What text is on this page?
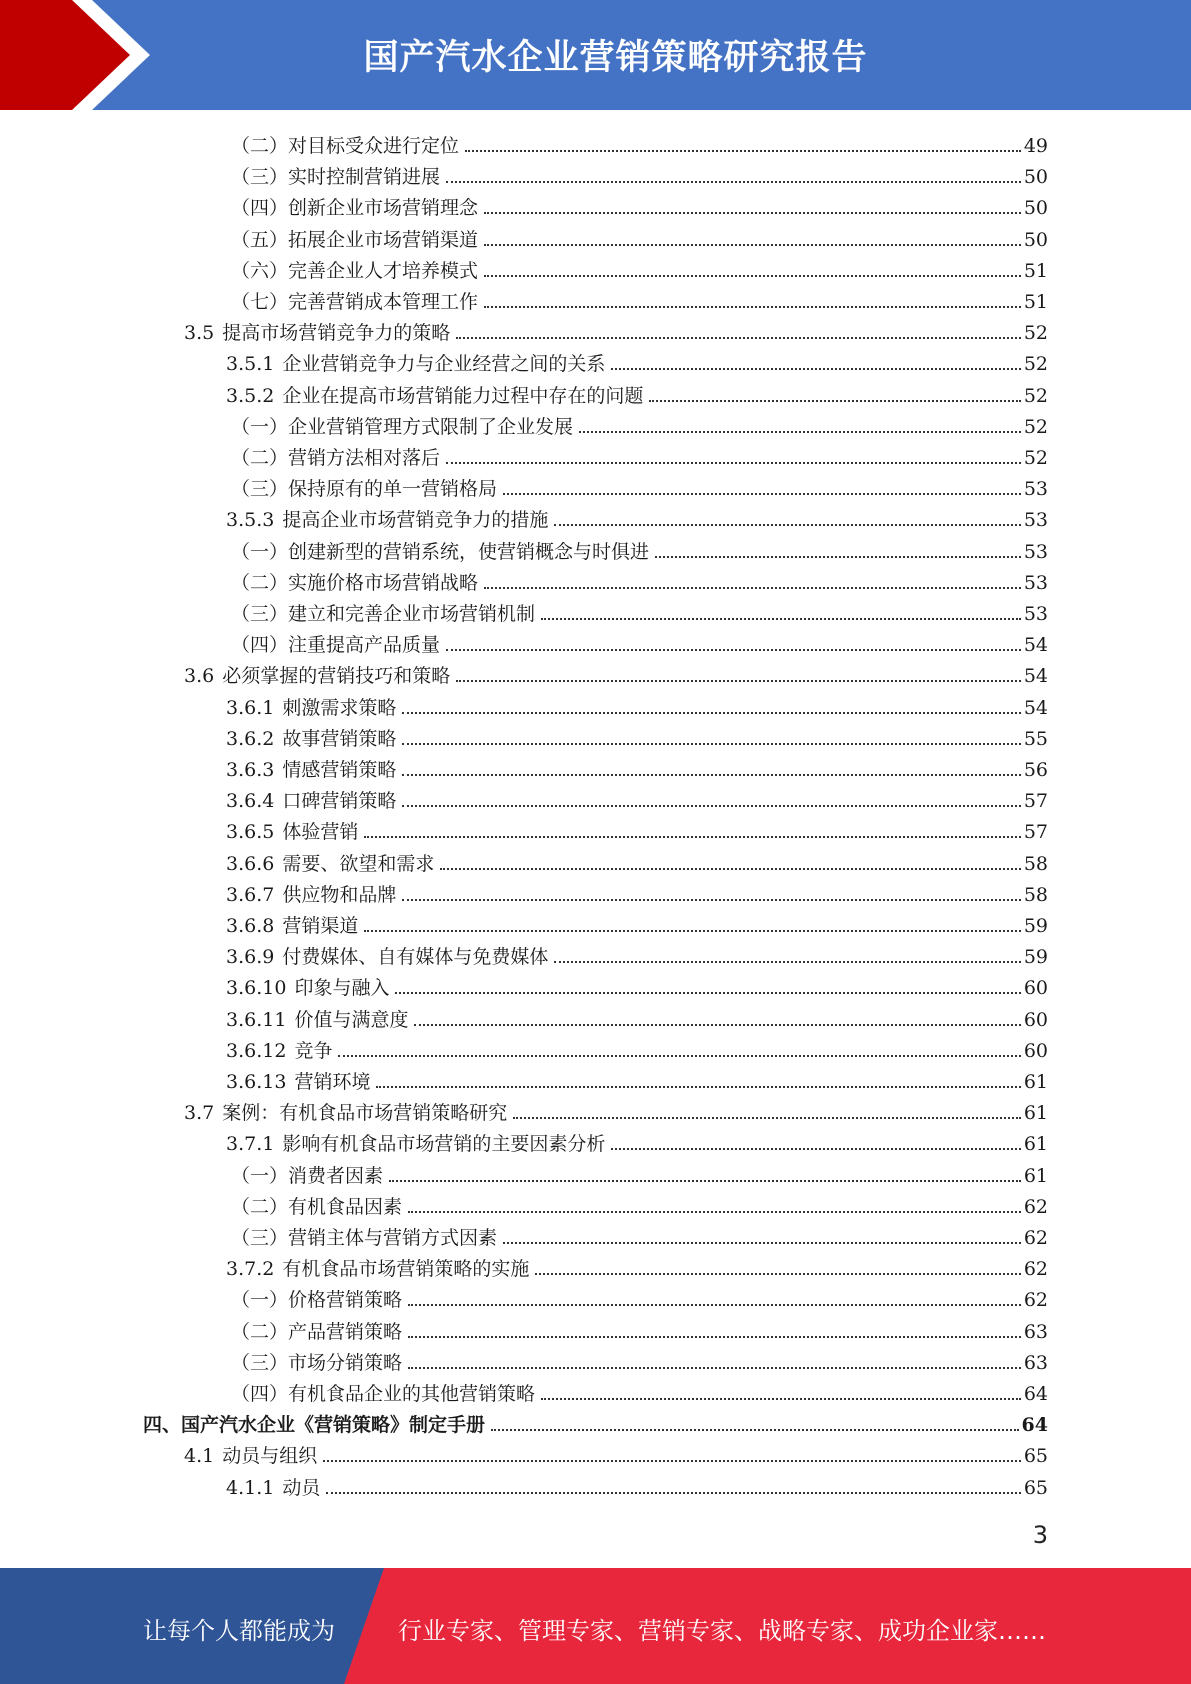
国产汽水企业营销策略研究报告
（二）对目标受众进行定位	49
（三）实时控制营销进展	50
（四）创新企业市场营销理念	50
（五）拓展企业市场营销渠道	50
（六）完善企业人才培养模式	51
（七）完善营销成本管理工作	51
3.5 提高市场营销竞争力的策略	52
3.5.1 企业营销竞争力与企业经营之间的关系	52
3.5.2 企业在提高市场营销能力过程中存在的问题	52
（一）企业营销管理方式限制了企业发展	52
（二）营销方法相对落后	52
（三）保持原有的单一营销格局	53
3.5.3 提高企业市场营销竞争力的措施	53
（一）创建新型的营销系统，使营销概念与时俱进	53
（二）实施价格市场营销战略	53
（三）建立和完善企业市场营销机制	53
（四）注重提高产品质量	54
3.6 必须掌握的营销技巧和策略	54
3.6.1 刺激需求策略	54
3.6.2 故事营销策略	55
3.6.3 情感营销策略	56
3.6.4 口碑营销策略	57
3.6.5 体验营销	57
3.6.6 需要、欲望和需求	58
3.6.7 供应物和品牌	58
3.6.8 营销渠道	59
3.6.9 付费媒体、自有媒体与免费媒体	59
3.6.10 印象与融入	60
3.6.11 价值与满意度	60
3.6.12 竞争	60
3.6.13 营销环境	61
3.7 案例：有机食品市场营销策略研究	61
3.7.1 影响有机食品市场营销的主要因素分析	61
（一）消费者因素	61
（二）有机食品因素	62
（三）营销主体与营销方式因素	62
3.7.2 有机食品市场营销策略的实施	62
（一）价格营销策略	62
（二）产品营销策略	63
（三）市场分销策略	63
（四）有机食品企业的其他营销策略	64
四、国产汽水企业《营销策略》制定手册	64
4.1 动员与组织	65
4.1.1 动员	65
3
让每个人都能成为	行业专家、管理专家、营销专家、战略专家、成功企业家……
